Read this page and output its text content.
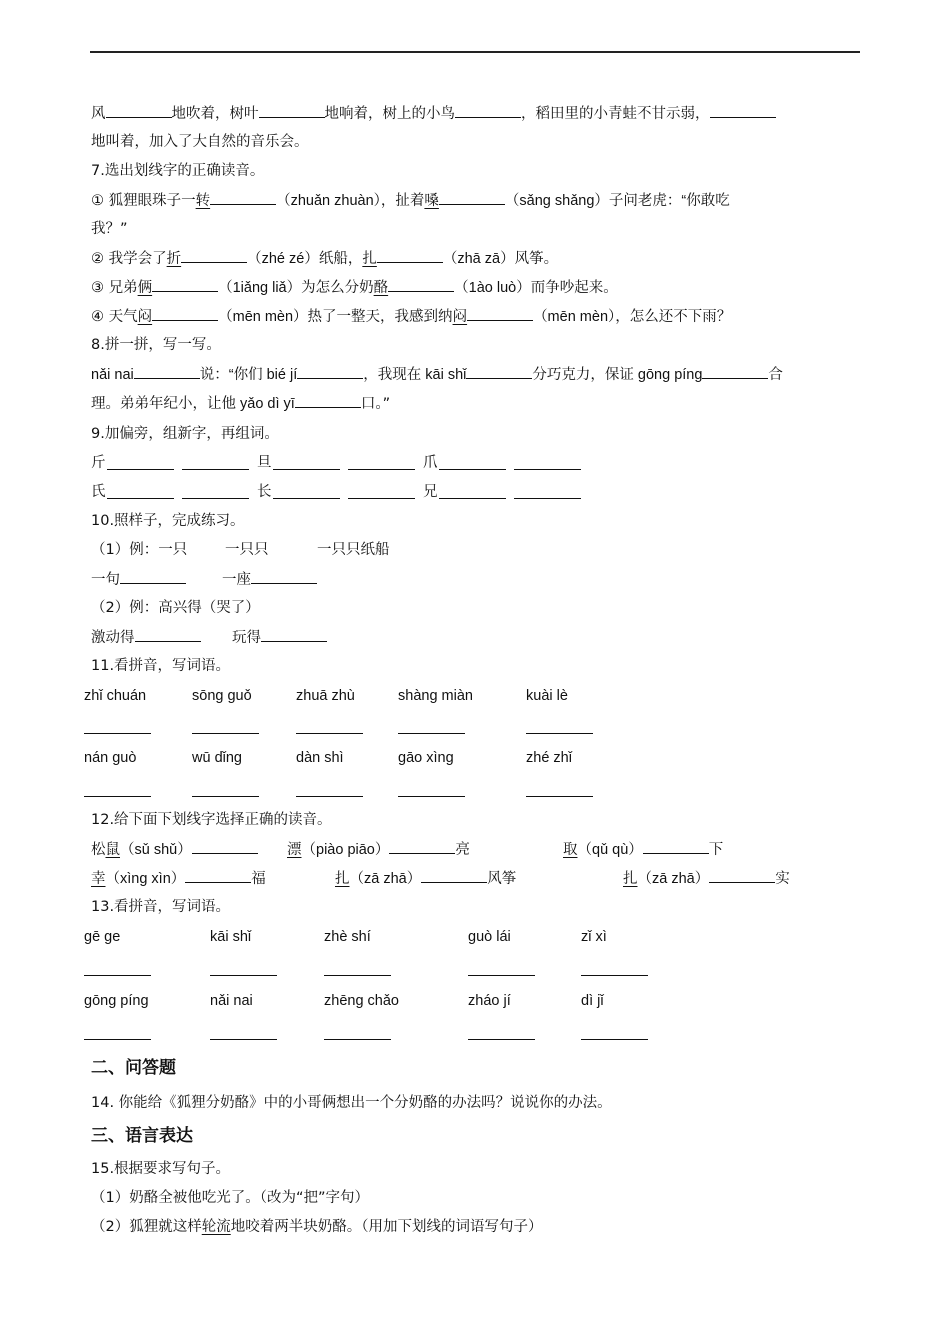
风	地吹着，树叶	地响着，树上的小鸟	，稻田里的小青蛙不甘示弱，
地叫着，加入了大自然的音乐会。
7.选出划线字的正确读音。
① 狐狸眼珠子一转	（zhuǎn zhuàn），扯着嗓	（sǎng shǎng）子问老虎：“你敢吃
我？”
② 我学会了折	（zhé zé）纸船，扎	（zhā zā）风筝。
③ 兄弟俩	（1iǎng liǎ）为怎么分奶酪	（1ào luò）而争吵起来。
④ 天气闷	（mēn mèn）热了一整天，我感到纳闷	（mēn mèn），怎么还不下雨？
8.拼一拼，写一写。
nǎi nai	说：“你们 bié jí	，我现在 kāi shǐ	分巧克力，保证 gōng píng	合
理。弟弟年纪小，让他 yǎo dì yī	口。”
9.加偏旁，组新字，再组词。
斤	旦	爪
氏	长	兄
10.照样子，完成练习。
（1）例：一只	一只只	一只只纸船
一句	一座
（2）例：高兴得（哭了）
激动得	玩得
11.看拼音，写词语。
zhǐ chuán	sōng guǒ	zhuā zhù	shàng miàn	kuài lè
nán guò	wū dǐng	dàn shì	gāo xìng	zhé zhǐ
12.给下面下划线字选择正确的读音。
松鼠（sǔ shǔ）	漂（piào piāo）	亮	取（qǔ qù）	下
幸（xìng xìn）	福	扎（zā zhā）	风筝	扎（zā zhā）	实
13.看拼音，写词语。
gē ge	kāi shǐ	zhè shí	guò lái	zǐ xì
gōng píng	nǎi nai	zhēng chǎo	zháo jí	dì jǐ
二、问答题
14. 你能给《狐狸分奶酪》中的小哥俩想出一个分奶酪的办法吗？说说你的办法。
三、语言表达
15.根据要求写句子。
（1）奶酪全被他吃光了。（改为“把”字句）
（2）狐狸就这样轮流地咬着两半块奶酪。（用加下划线的词语写句子）
